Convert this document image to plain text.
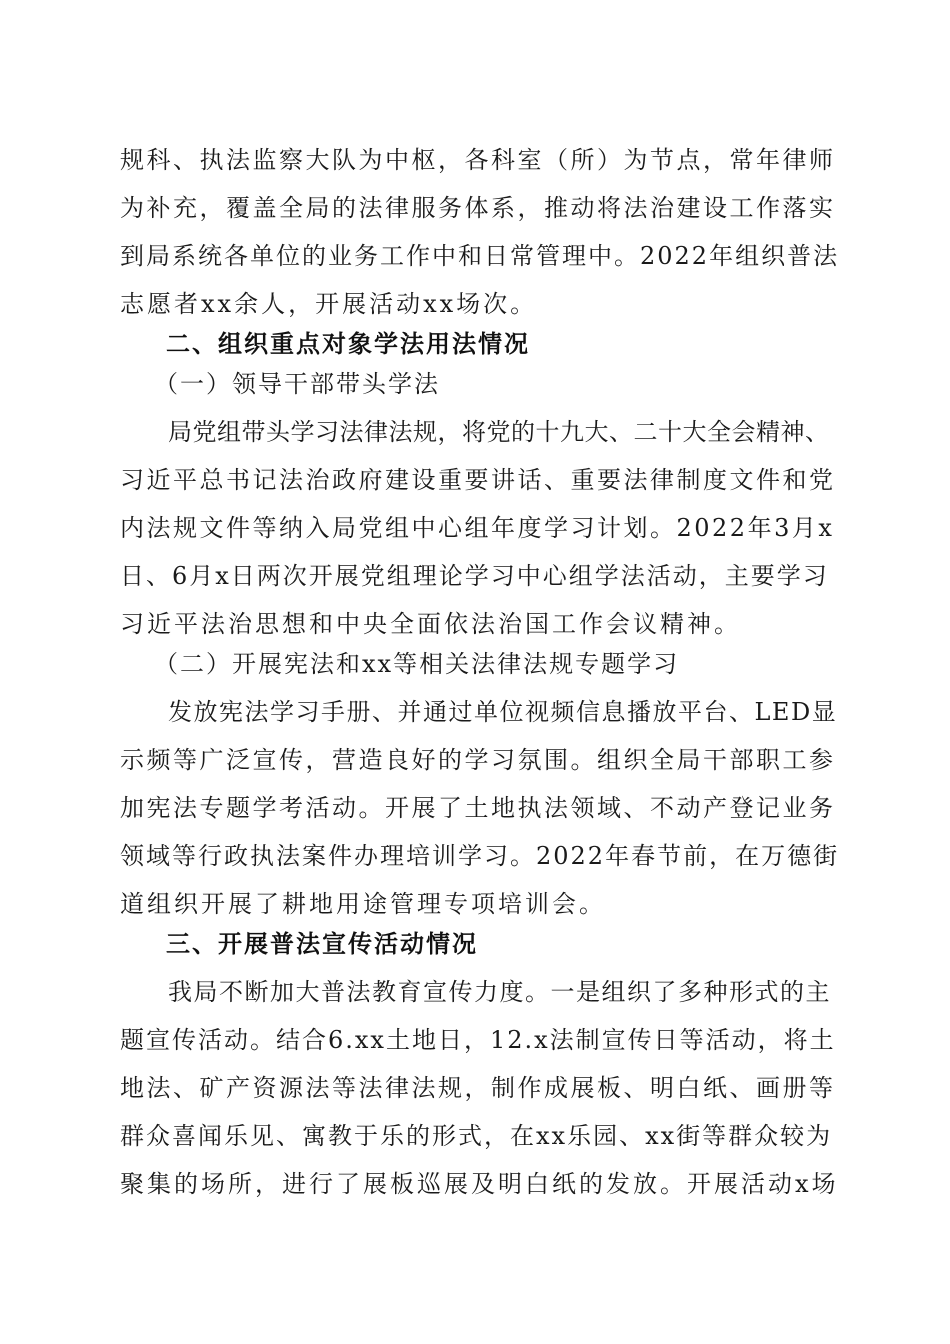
规科、执法监察大队为中枢，各科室（所）为节点，常年律师
为补充，覆盖全局的法律服务体系，推动将法治建设工作落实
到局系统各单位的业务工作中和日常管理中。2022年组织普法
志愿者xx余人，开展活动xx场次。
二、组织重点对象学法用法情况
（一）领导干部带头学法
局党组带头学习法律法规，将党的十九大、二十大全会精神、
习近平总书记法治政府建设重要讲话、重要法律制度文件和党
内法规文件等纳入局党组中心组年度学习计划。2022年3月x
日、6月x日两次开展党组理论学习中心组学法活动，主要学习
习近平法治思想和中央全面依法治国工作会议精神。
（二）开展宪法和xx等相关法律法规专题学习
发放宪法学习手册、并通过单位视频信息播放平台、LED显
示频等广泛宣传，营造良好的学习氛围。组织全局干部职工参
加宪法专题学考活动。开展了土地执法领域、不动产登记业务
领域等行政执法案件办理培训学习。2022年春节前，在万德街
道组织开展了耕地用途管理专项培训会。
三、开展普法宣传活动情况
我局不断加大普法教育宣传力度。一是组织了多种形式的主
题宣传活动。结合6.xx土地日，12.x法制宣传日等活动，将土
地法、矿产资源法等法律法规，制作成展板、明白纸、画册等
群众喜闻乐见、寓教于乐的形式，在xx乐园、xx街等群众较为
聚集的场所，进行了展板巡展及明白纸的发放。开展活动x场
